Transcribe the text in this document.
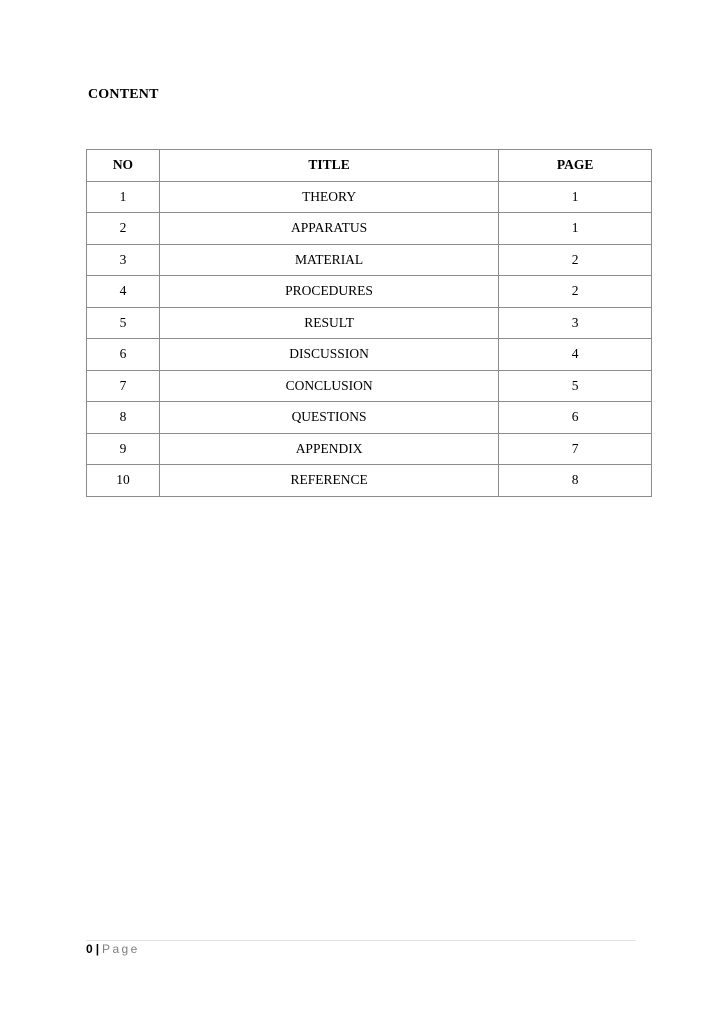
CONTENT
NO	TITLE	PAGE
1	THEORY	1
2	APPARATUS	1
3	MATERIAL	2
4	PROCEDURES	2
5	RESULT	3
6	DISCUSSION	4
7	CONCLUSION	5
8	QUESTIONS	6
9	APPENDIX	7
10	REFERENCE	8
0 | Page
